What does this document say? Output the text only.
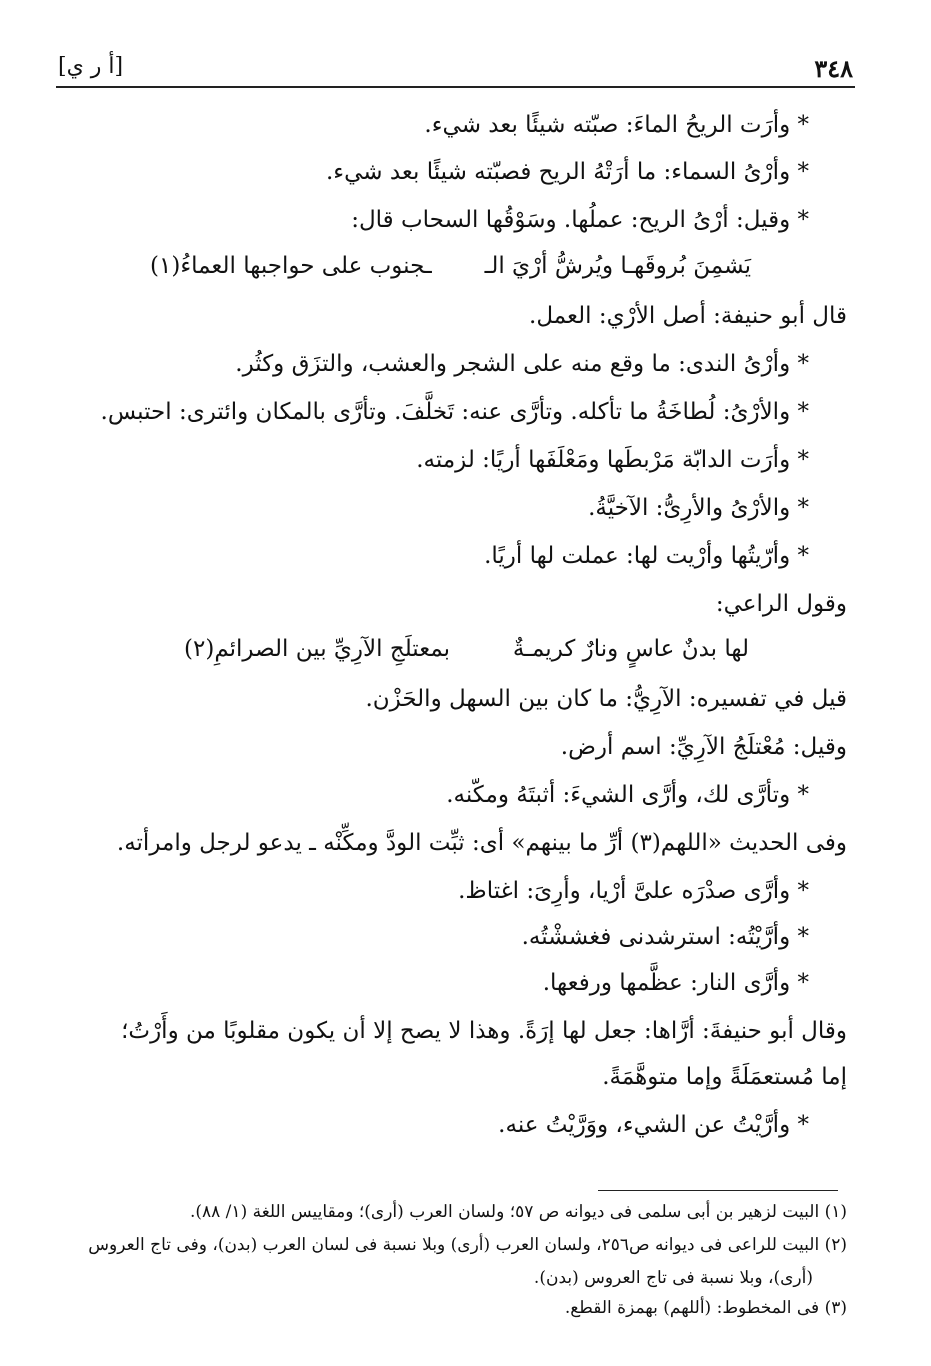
٣٤٨
[أ ر ي]
* وأرَت الريحُ الماءَ: صبّته شيئًا بعد شيء.
* وأرْىُ السماء: ما أرَتْهُ الريح فصبّته شيئًا بعد شيء.
* وقيل: أرْىُ الريح: عملُها. وسَوْقُها السحاب قال:
يَشمِنَ بُروقَهـا ويُرشُّ أرْيَ الـ
ـجنوب على حواجبها العماءُ(١)
قال أبو حنيفة: أصل الأرْي: العمل.
* وأرْىُ الندى: ما وقع منه على الشجر والعشب، والتزَق وكثُر.
* والأرْىُ: لُطاخَةُ ما تأكله. وتأرَّى عنه: تَخلَّفَ. وتأرَّى بالمكان وائترى: احتبس.
* وأرَت الدابّة مَرْبطَها ومَعْلَفَها أريًا: لزمته.
* والأرْىُ والأرِىُّ: الآخيَّةُ.
* وأرّيتُها وأرْيت لها: عملت لها أريًا.
وقول الراعي:
لها بدنٌ عاسٍ ونارٌ كريمـةٌ
بمعتلَجِ الآرِيِّ بين الصرائمِ(٢)
قيل في تفسيره: الآرِيُّ: ما كان بين السهل والحَزْن.
وقيل: مُعْتلَجُ الآرِيِّ: اسم أرض.
* وتأرَّى لك، وأرَّى الشيءَ: أثبتَهُ ومكّنه.
وفى الحديث «اللهم(٣) أرِّ ما بينهم» أى: ثبِّت الودَّ ومكِّنْه ـ يدعو لرجل وامرأته.
* وأرَّى صدْرَه علىَّ أرْيا، وأرِىَ: اغتاظ.
* وأرَّيْتُه: استرشدنى فغششْتُه.
* وأرَّى النار: عظَّمها ورفعها.
وقال أبو حنيفةَ: أرَّاها: جعل لها إرَةً. وهذا لا يصح إلا أن يكون مقلوبًا من وأَرْتُ؛
إما مُستعمَلَةً وإما متوهَّمَةً.
* وأرَّيْتُ عن الشيء، ووَرَّيْتُ عنه.
(١) البيت لزهير بن أبى سلمى فى ديوانه ص ٥٧؛ ولسان العرب (أرى)؛ ومقاييس اللغة (١/ ٨٨).
(٢) البيت للراعى فى ديوانه ص٢٥٦، ولسان العرب (أرى) وبلا نسبة فى لسان العرب (بدن)، وفى تاج العروس
(أرى)، وبلا نسبة فى تاج العروس (بدن).
(٣) فى المخطوط: (أللهم) بهمزة القطع.
